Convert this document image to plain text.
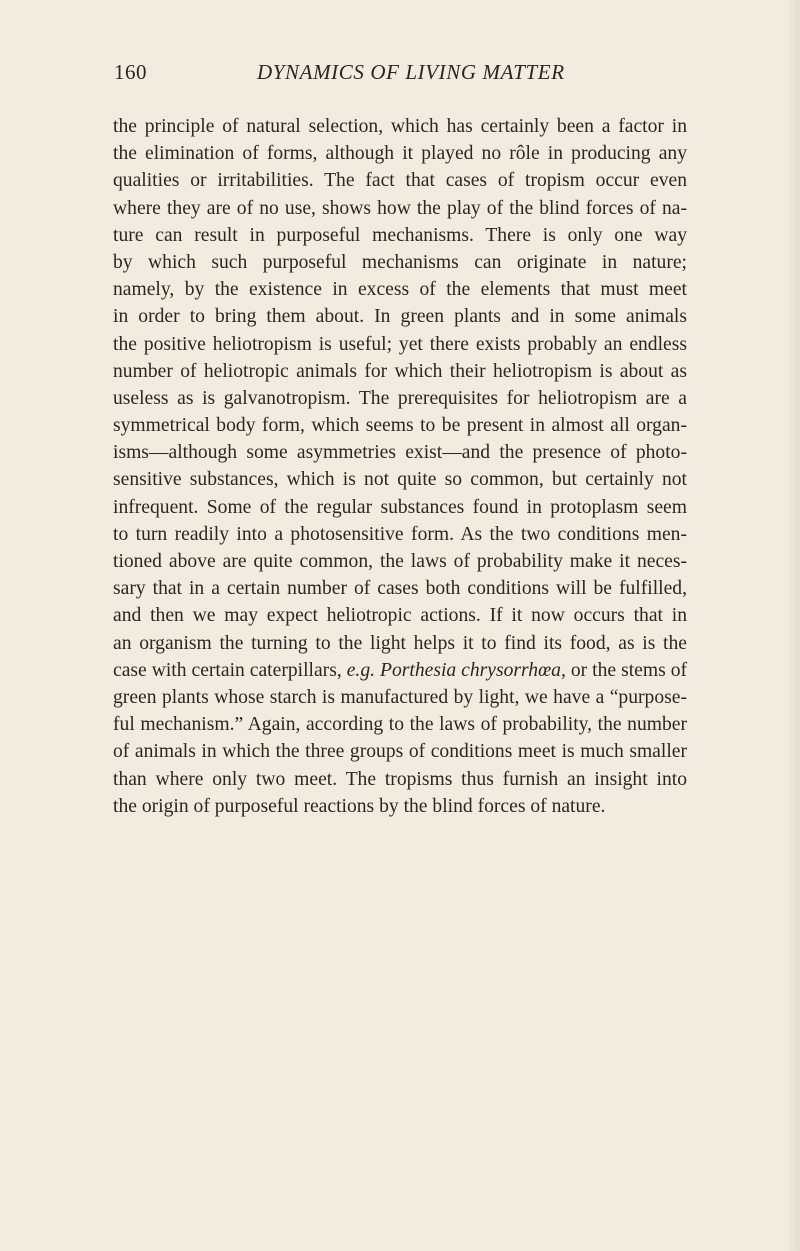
160	DYNAMICS OF LIVING MATTER
the principle of natural selection, which has certainly been a factor in
the elimination of forms, although it played no rôle in producing any
qualities or irritabilities. The fact that cases of tropism occur even
where they are of no use, shows how the play of the blind forces of na-
ture can result in purposeful mechanisms. There is only one way
by which such purposeful mechanisms can originate in nature;
namely, by the existence in excess of the elements that must meet
in order to bring them about. In green plants and in some animals
the positive heliotropism is useful; yet there exists probably an endless
number of heliotropic animals for which their heliotropism is about as
useless as is galvanotropism. The prerequisites for heliotropism are a
symmetrical body form, which seems to be present in almost all organ-
isms—although some asymmetries exist—and the presence of photo-
sensitive substances, which is not quite so common, but certainly not
infrequent. Some of the regular substances found in protoplasm seem
to turn readily into a photosensitive form. As the two conditions men-
tioned above are quite common, the laws of probability make it neces-
sary that in a certain number of cases both conditions will be fulfilled,
and then we may expect heliotropic actions. If it now occurs that in
an organism the turning to the light helps it to find its food, as is the
case with certain caterpillars, e.g. Porthesia chrysorrhœa, or the stems of
green plants whose starch is manufactured by light, we have a “purpose-
ful mechanism.” Again, according to the laws of probability, the number
of animals in which the three groups of conditions meet is much smaller
than where only two meet. The tropisms thus furnish an insight into
the origin of purposeful reactions by the blind forces of nature.
